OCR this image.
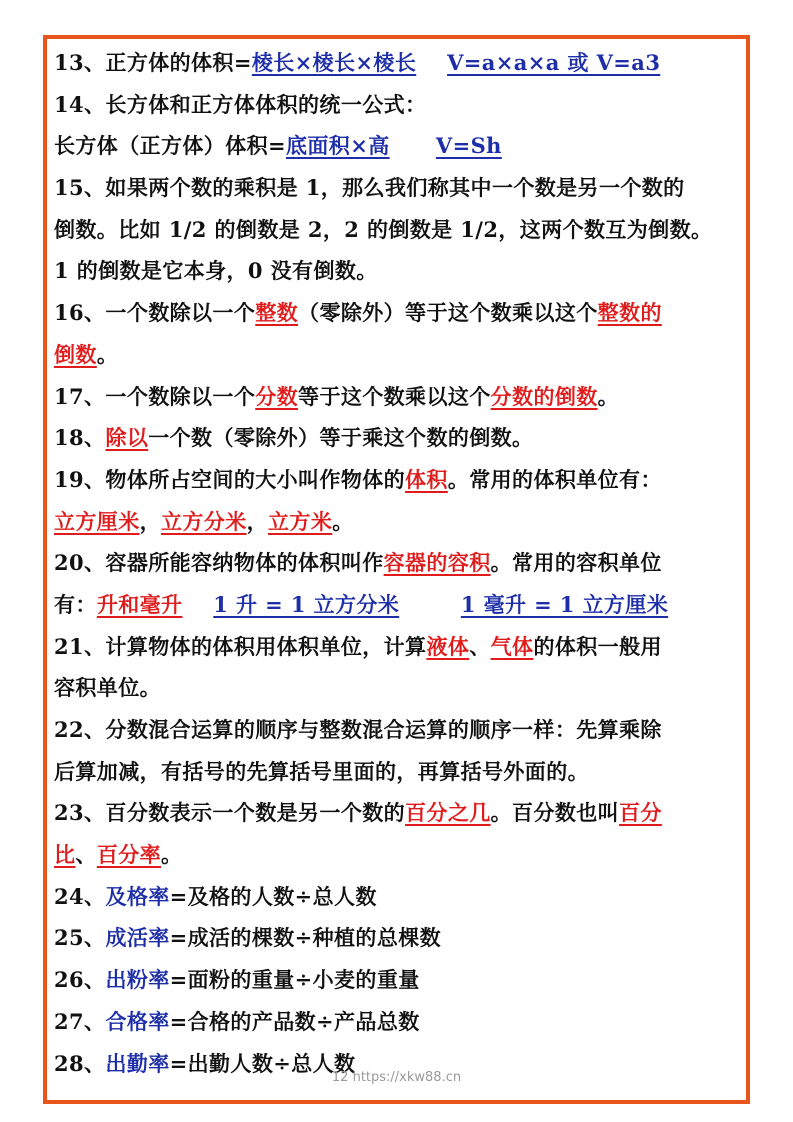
13、正方体的体积=棱长×棱长×棱长 V=a×a×a 或 V=a3
14、长方体和正方体体积的统一公式：
长方体（正方体）体积=底面积×高 V=Sh
15、如果两个数的乘积是 1，那么我们称其中一个数是另一个数的
倒数。比如 1/2 的倒数是 2，2 的倒数是 1/2，这两个数互为倒数。
1 的倒数是它本身，0 没有倒数。
16、一个数除以一个整数（零除外）等于这个数乘以这个整数的
倒数。
17、一个数除以一个分数等于这个数乘以这个分数的倒数。
18、除以一个数（零除外）等于乘这个数的倒数。
19、物体所占空间的大小叫作物体的体积。常用的体积单位有：
立方厘米，立方分米，立方米。
20、容器所能容纳物体的体积叫作容器的容积。常用的容积单位
有：升和毫升 1 升 = 1 立方分米	1 毫升 = 1 立方厘米
21、计算物体的体积用体积单位，计算液体、气体的体积一般用
容积单位。
22、分数混合运算的顺序与整数混合运算的顺序一样：先算乘除
后算加减，有括号的先算括号里面的，再算括号外面的。
23、百分数表示一个数是另一个数的百分之几。百分数也叫百分
比、百分率。
24、及格率=及格的人数÷总人数
25、成活率=成活的棵数÷种植的总棵数
26、出粉率=面粉的重量÷小麦的重量
27、合格率=合格的产品数÷产品总数
28、出勤率=出勤人数÷总人数
12 https://xkw88.cn
